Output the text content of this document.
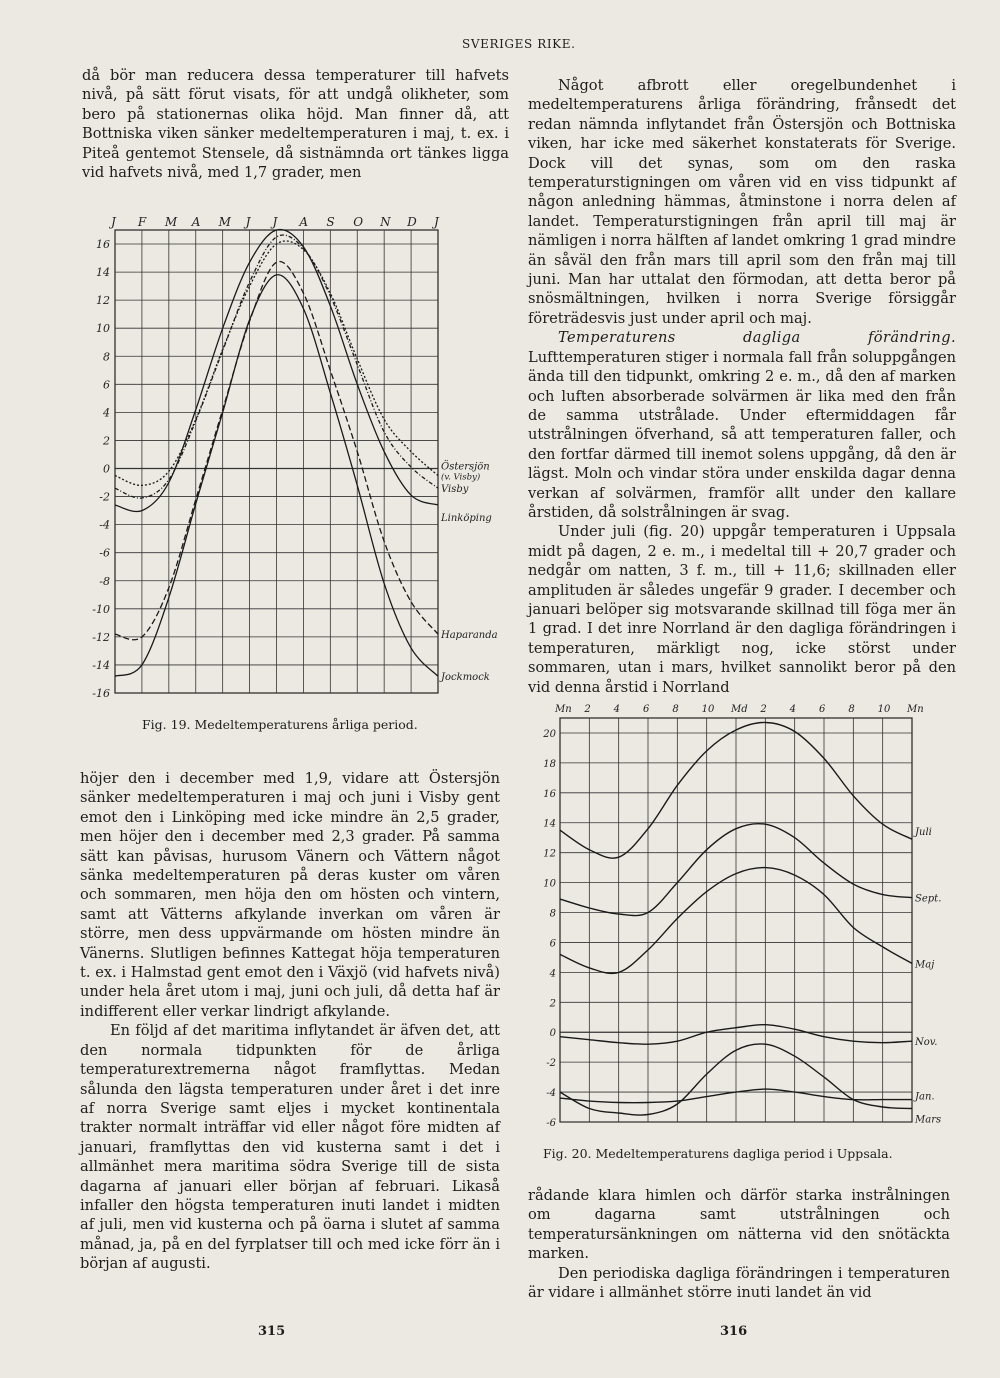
SVERIGES RIKE.

då bör man reducera dessa temperaturer till hafvets nivå, på sätt förut visats, för att undgå olikheter, som bero på stationernas olika höjd. Man finner då, att Bottniska viken sänker medeltemperaturen i maj, t. ex. i Piteå gentemot Stensele, då sistnämnda ort tänkes ligga vid hafvets nivå, med 1,7 grader, men

J F M A M J J A S O N D J
16
14
12
10
8
6
4
2
0
-2
-4
-6
-8
-10
-12
-14
-16
Östersjön
(v. Visby)
Visby
Linköping
Haparanda
Jockmock
Fig. 19. Medeltemperaturens årliga period.

höjer den i december med 1,9, vidare att Östersjön sänker medeltemperaturen i maj och juni i Visby gent emot den i Linköping med icke mindre än 2,5 grader, men höjer den i december med 2,3 grader. På samma sätt kan påvisas, hurusom Vänern och Vättern något sänka medeltemperaturen på deras kuster om våren och sommaren, men höja den om hösten och vintern, samt att Vätterns afkylande inverkan om våren är större, men dess uppvärmande om hösten mindre än Vänerns. Slutligen befinnes Kattegat höja temperaturen t. ex. i Halmstad gent emot den i Växjö (vid hafvets nivå) under hela året utom i maj, juni och juli, då detta haf är indifferent eller verkar lindrigt afkylande.

En följd af det maritima inflytandet är äfven det, att den normala tidpunkten för de årliga temperaturextremerna något framflyttas. Medan sålunda den lägsta temperaturen under året i det inre af norra Sverige samt eljes i mycket kontinentala trakter normalt inträffar vid eller något före midten af januari, framflyttas den vid kusterna samt i det i allmänhet mera maritima södra Sverige till de sista dagarna af januari eller början af februari. Likaså infaller den högsta temperaturen inuti landet i midten af juli, men vid kusterna och på öarna i slutet af samma månad, ja, på en del fyrplatser till och med icke förr än i början af augusti.

Något afbrott eller oregelbundenhet i medeltemperaturens årliga förändring, frånsedt det redan nämnda inflytandet från Östersjön och Bottniska viken, har icke med säkerhet konstaterats för Sverige. Dock vill det synas, som om den raska temperaturstigningen om våren vid en viss tidpunkt af någon anledning hämmas, åtminstone i norra delen af landet. Temperaturstigningen från april till maj är nämligen i norra hälften af landet omkring 1 grad mindre än såväl den från mars till april som den från maj till juni. Man har uttalat den förmodan, att detta beror på snösmältningen, hvilken i norra Sverige försiggår företrädesvis just under april och maj.

Temperaturens dagliga förändring. Lufttemperaturen stiger i normala fall från soluppgången ända till den tidpunkt, omkring 2 e. m., då den af marken och luften absorberade solvärmen är lika med den från de samma utstrålade. Under eftermiddagen får utstrålningen öfverhand, så att temperaturen faller, och den fortfar därmed till inemot solens uppgång, då den är lägst. Moln och vindar störa under enskilda dagar denna verkan af solvärmen, framför allt under den kallare årstiden, då solstrålningen är svag.

Under juli (fig. 20) uppgår temperaturen i Uppsala midt på dagen, 2 e. m., i medeltal till + 20,7 grader och nedgår om natten, 3 f. m., till + 11,6; skillnaden eller amplituden är således ungefär 9 grader. I december och januari belöper sig motsvarande skillnad till föga mer än 1 grad. I det inre Norrland är den dagliga förändringen i temperaturen, märkligt nog, icke störst under sommaren, utan i mars, hvilket sannolikt beror på den vid denna årstid i Norrland

Mn 2 4 6 8 10 Md 2 4 6 8 10 Mn
20
18
16
14
12
10
8
6
4
2
0
-2
-4
-6
Juli
Sept.
Maj
Nov.
Jan.
Mars
Fig. 20. Medeltemperaturens dagliga period i Uppsala.

rådande klara himlen och därför starka instrålningen om dagarna samt utstrålningen och temperatursänkningen om nätterna vid den snötäckta marken.

Den periodiska dagliga förändringen i temperaturen är vidare i allmänhet större inuti landet än vid

315	316
